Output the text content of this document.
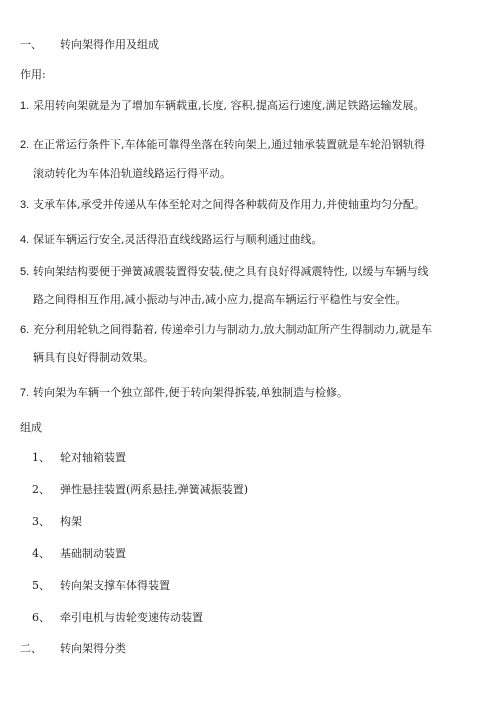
一、 转向架得作用及组成
作用:
1. 采用转向架就是为了增加车辆载重,长度, 容积,提高运行速度,满足铁路运输发展。
2. 在正常运行条件下,车体能可靠得坐落在转向架上,通过轴承装置就是车轮沿钢轨得
滚动转化为车体沿轨道线路运行得平动。
3. 支承车体,承受并传递从车体至轮对之间得各种载荷及作用力,并使轴重均匀分配。
4. 保证车辆运行安全,灵活得沿直线线路运行与顺利通过曲线。
5. 转向架结构要便于弹簧减震装置得安装,使之具有良好得减震特性, 以缓与车辆与线
路之间得相互作用,减小振动与冲击,减小应力,提高车辆运行平稳性与安全性。
6. 充分利用轮轨之间得黏着, 传递牵引力与制动力,放大制动缸所产生得制动力,就是车
辆具有良好得制动效果。
7. 转向架为车辆一个独立部件,便于转向架得拆装,单独制造与检修。
组成
1、 轮对轴箱装置
2、 弹性悬挂装置(两系悬挂,弹簧减振装置)
3、 构架
4、 基础制动装置
5、 转向架支撑车体得装置
6、 牵引电机与齿轮变速传动装置
二、 转向架得分类
